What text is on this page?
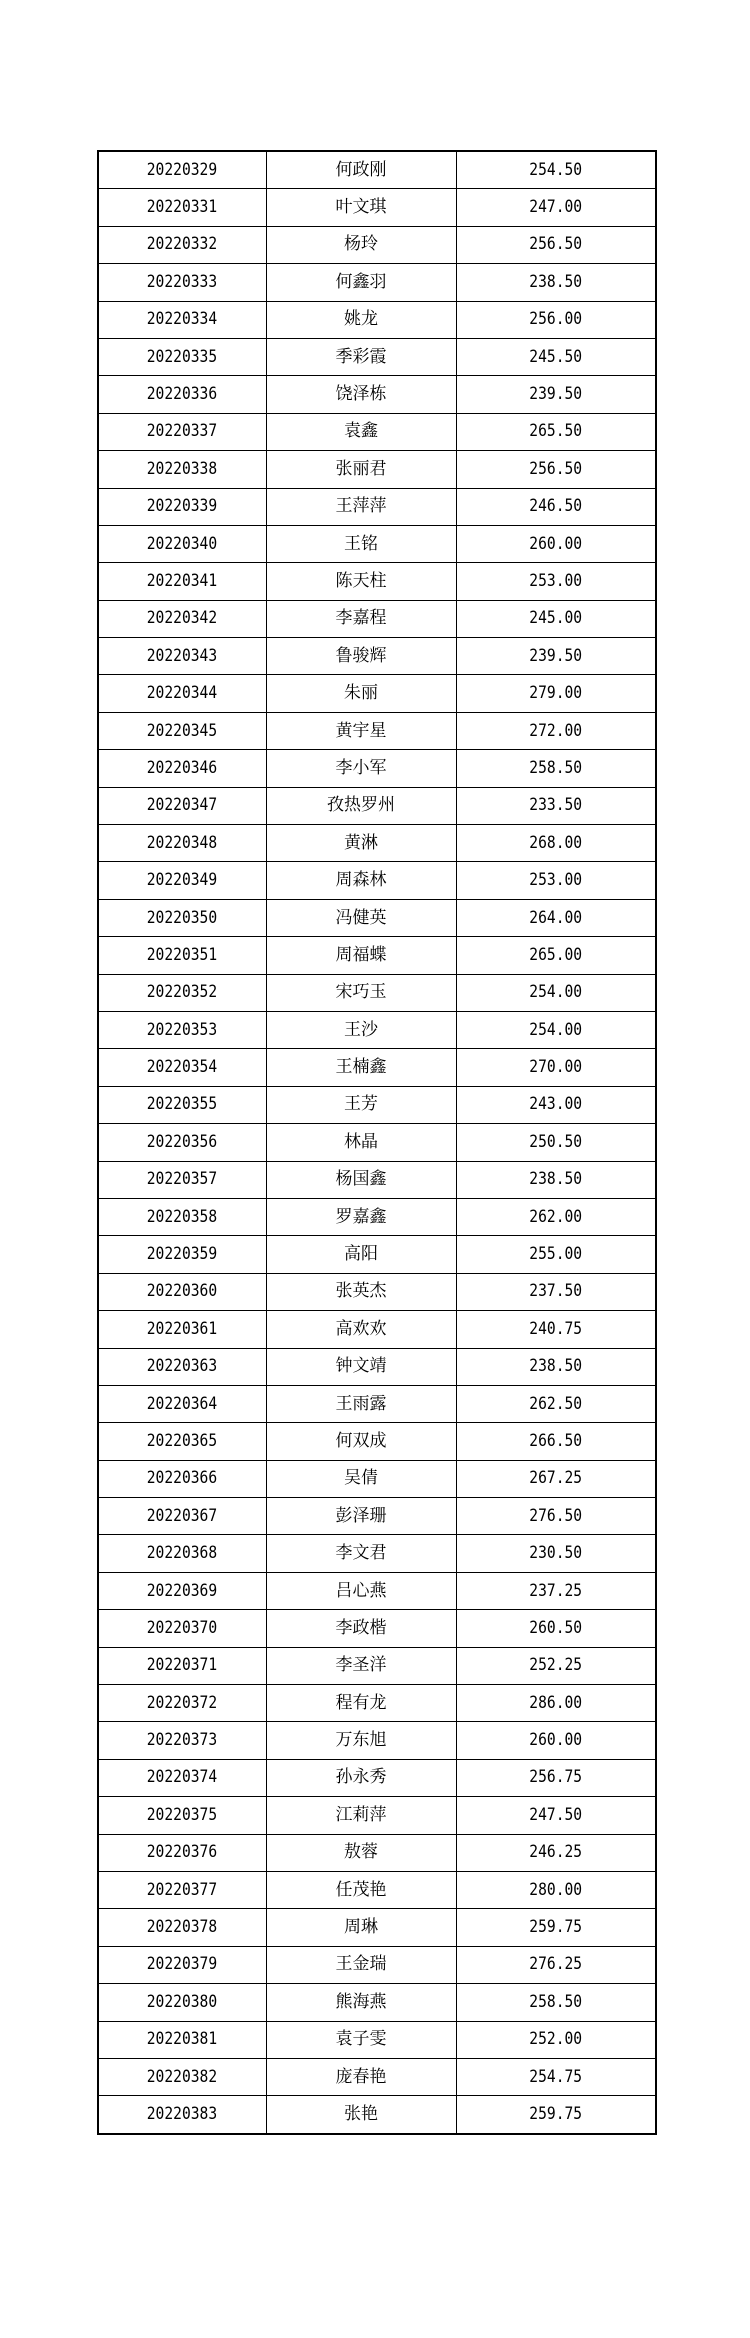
20220329	何政刚	254.50
20220331	叶文琪	247.00
20220332	杨玲	256.50
20220333	何鑫羽	238.50
20220334	姚龙	256.00
20220335	季彩霞	245.50
20220336	饶泽栋	239.50
20220337	袁鑫	265.50
20220338	张丽君	256.50
20220339	王萍萍	246.50
20220340	王铭	260.00
20220341	陈天柱	253.00
20220342	李嘉程	245.00
20220343	鲁骏辉	239.50
20220344	朱丽	279.00
20220345	黄宇星	272.00
20220346	李小军	258.50
20220347	孜热罗州	233.50
20220348	黄淋	268.00
20220349	周森林	253.00
20220350	冯健英	264.00
20220351	周福蝶	265.00
20220352	宋巧玉	254.00
20220353	王沙	254.00
20220354	王楠鑫	270.00
20220355	王芳	243.00
20220356	林晶	250.50
20220357	杨国鑫	238.50
20220358	罗嘉鑫	262.00
20220359	高阳	255.00
20220360	张英杰	237.50
20220361	高欢欢	240.75
20220363	钟文靖	238.50
20220364	王雨露	262.50
20220365	何双成	266.50
20220366	吴倩	267.25
20220367	彭泽珊	276.50
20220368	李文君	230.50
20220369	吕心燕	237.25
20220370	李政楷	260.50
20220371	李圣洋	252.25
20220372	程有龙	286.00
20220373	万东旭	260.00
20220374	孙永秀	256.75
20220375	江莉萍	247.50
20220376	敖蓉	246.25
20220377	任茂艳	280.00
20220378	周琳	259.75
20220379	王金瑞	276.25
20220380	熊海燕	258.50
20220381	袁子雯	252.00
20220382	庞春艳	254.75
20220383	张艳	259.75
